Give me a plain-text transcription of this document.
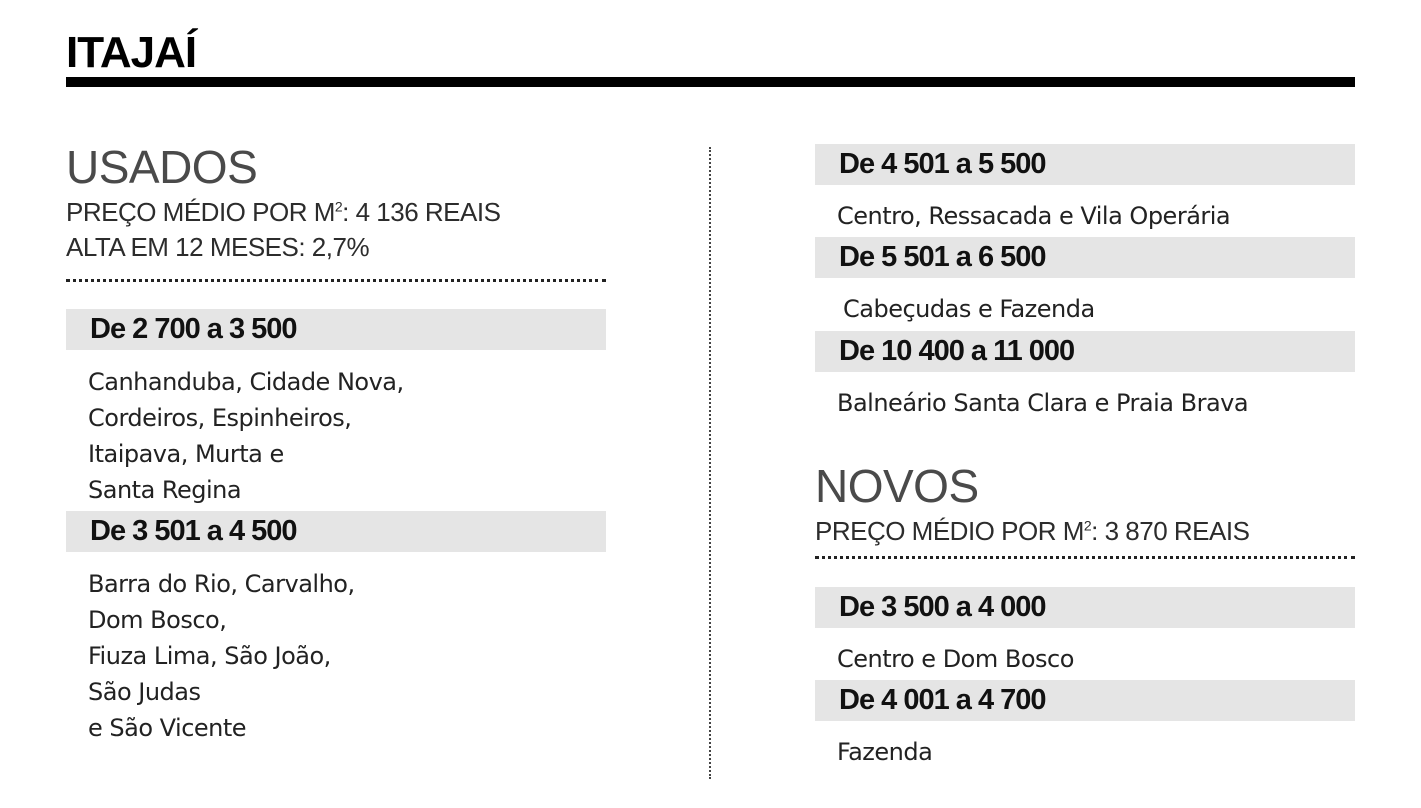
ITAJAÍ
USADOS
PREÇO MÉDIO POR $M^2$: 4 136 REAIS
ALTA EM 12 MESES: 2,7%
De 2 700 a 3 500
Canhanduba, Cidade Nova,
Cordeiros, Espinheiros,
Itaipava, Murta e
Santa Regina
De 3 501 a 4 500
Barra do Rio, Carvalho,
Dom Bosco,
Fiuza Lima, São João,
São Judas
e São Vicente
De 4 501 a 5 500
Centro, Ressacada e Vila Operária
De 5 501 a 6 500
Cabeçudas e Fazenda
De 10 400 a 11 000
Balneário Santa Clara e Praia Brava
NOVOS
PREÇO MÉDIO POR $M^2$: 3 870 REAIS
De 3 500 a 4 000
Centro e Dom Bosco
De 4 001 a 4 700
Fazenda
